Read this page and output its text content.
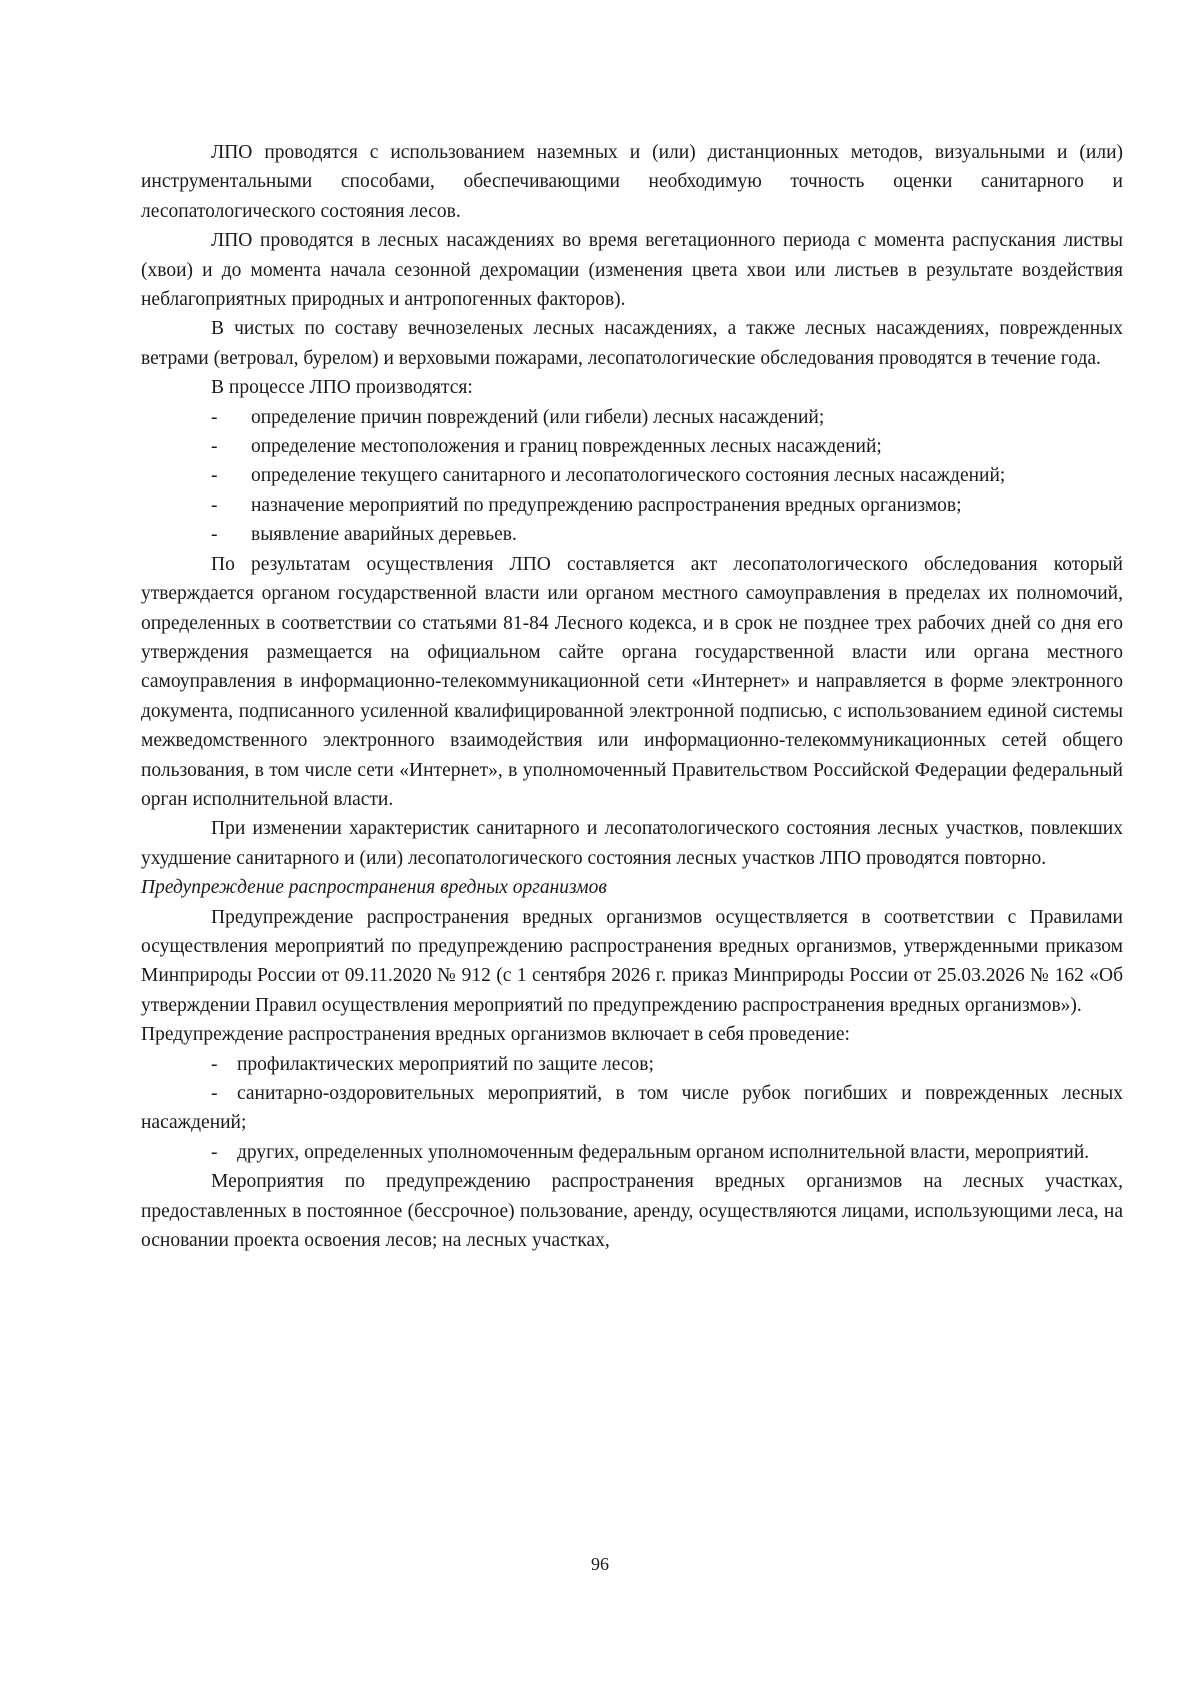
ЛПО проводятся с использованием наземных и (или) дистанционных методов, визуальными и (или) инструментальными способами, обеспечивающими необходимую точность оценки санитарного и лесопатологического состояния лесов.

ЛПО проводятся в лесных насаждениях во время вегетационного периода с момента распускания листвы (хвои) и до момента начала сезонной дехромации (изменения цвета хвои или листьев в результате воздействия неблагоприятных природных и антропогенных факторов).

В чистых по составу вечнозеленых лесных насаждениях, а также лесных насаждениях, поврежденных ветрами (ветровал, бурелом) и верховыми пожарами, лесопатологические обследования проводятся в течение года.

В процессе ЛПО производятся:

-	определение причин повреждений (или гибели) лесных насаждений;
-	определение местоположения и границ поврежденных лесных насаждений;

- определение текущего санитарного и лесопатологического состояния лесных насаждений;

-	назначение мероприятий по предупреждению распространения вредных организмов;
-	выявление аварийных деревьев.

По результатам осуществления ЛПО составляется акт лесопатологического обследования который утверждается органом государственной власти или органом местного самоуправления в пределах их полномочий, определенных в соответствии со статьями 81-84 Лесного кодекса, и в срок не позднее трех рабочих дней со дня его утверждения размещается на официальном сайте органа государственной власти или органа местного самоуправления в информационно-телекоммуникационной сети «Интернет» и направляется в форме электронного документа, подписанного усиленной квалифицированной электронной подписью, с использованием единой системы межведомственного электронного взаимодействия или информационно-телекоммуникационных сетей общего пользования, в том числе сети «Интернет», в уполномоченный Правительством Российской Федерации федеральный орган исполнительной власти.

При изменении характеристик санитарного и лесопатологического состояния лесных участков, повлекших ухудшение санитарного и (или) лесопатологического состояния лесных участков ЛПО проводятся повторно.

Предупреждение распространения вредных организмов

Предупреждение распространения вредных организмов осуществляется в соответствии с Правилами осуществления мероприятий по предупреждению распространения вредных организмов, утвержденными приказом Минприроды России от 09.11.2020 № 912 (с 1 сентября 2026 г. приказ Минприроды России от 25.03.2026 № 162 «Об утверждении Правил осуществления мероприятий по предупреждению распространения вредных организмов»).

Предупреждение распространения вредных организмов включает в себя проведение:

- профилактических мероприятий по защите лесов;

- санитарно-оздоровительных мероприятий, в том числе рубок погибших и поврежденных лесных насаждений;

- других, определенных уполномоченным федеральным органом исполнительной власти, мероприятий.

Мероприятия по предупреждению распространения вредных организмов на лесных участках, предоставленных в постоянное (бессрочное) пользование, аренду, осуществляются лицами, использующими леса, на основании проекта освоения лесов; на лесных участках,

96
